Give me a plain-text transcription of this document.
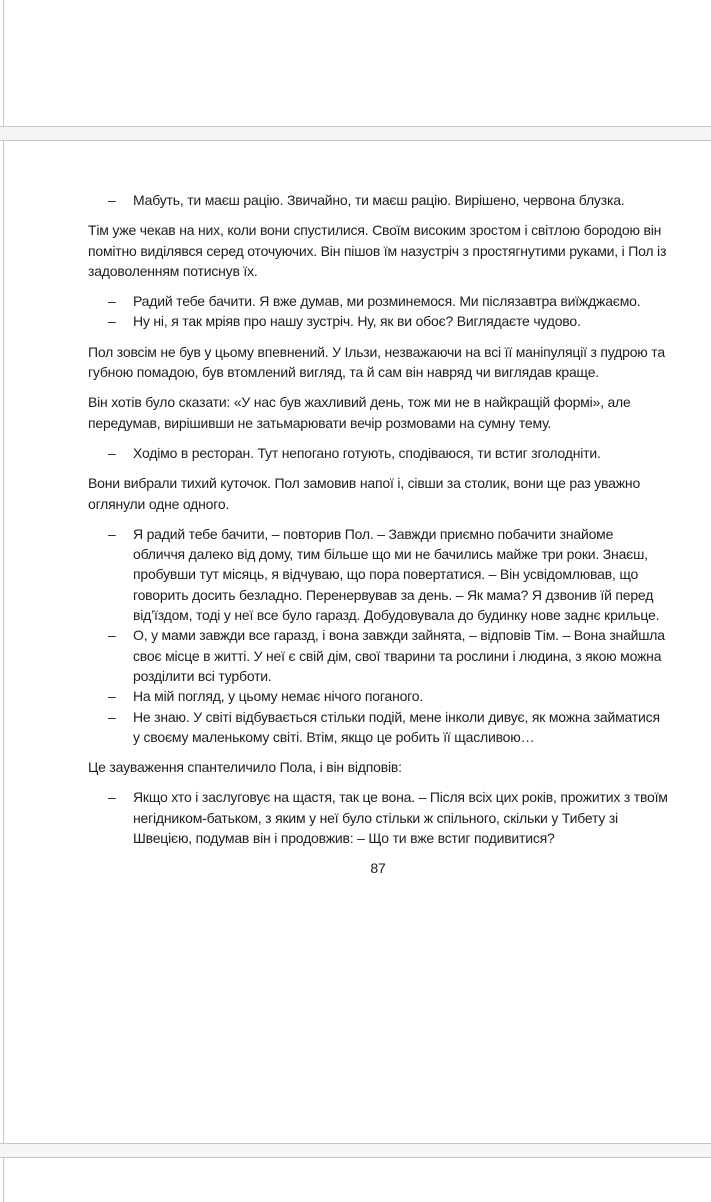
– Мабуть, ти маєш рацію. Звичайно, ти маєш рацію. Вирішено, червона блузка.

Тім уже чекав на них, коли вони спустилися. Своїм високим зростом і світлою бородою він помітно виділявся серед оточуючих. Він пішов їм назустріч з простягнутими руками, і Пол із задоволенням потиснув їх.

– Радий тебе бачити. Я вже думав, ми розминемося. Ми післязавтра виїжджаємо.
– Ну ні, я так мріяв про нашу зустріч. Ну, як ви обоє? Виглядаєте чудово.

Пол зовсім не був у цьому впевнений. У Ільзи, незважаючи на всі її маніпуляції з пудрою та губною помадою, був втомлений вигляд, та й сам він навряд чи виглядав краще.

Він хотів було сказати: «У нас був жахливий день, тож ми не в найкращій формі», але передумав, вирішивши не затьмарювати вечір розмовами на сумну тему.

– Ходімо в ресторан. Тут непогано готують, сподіваюся, ти встиг зголодніти.

Вони вибрали тихий куточок. Пол замовив напої і, сівши за столик, вони ще раз уважно оглянули одне одного.

– Я радий тебе бачити, – повторив Пол. – Завжди приємно побачити знайоме обличчя далеко від дому, тим більше що ми не бачились майже три роки. Знаєш, пробувши тут місяць, я відчуваю, що пора повертатися. – Він усвідомлював, що говорить досить безладно. Перенервував за день. – Як мама? Я дзвонив їй перед від’їздом, тоді у неї все було гаразд. Добудовувала до будинку нове заднє крильце.
– О, у мами завжди все гаразд, і вона завжди зайнята, – відповів Тім. – Вона знайшла своє місце в житті. У неї є свій дім, свої тварини та рослини і людина, з якою можна розділити всі турботи.
– На мій погляд, у цьому немає нічого поганого.
– Не знаю. У світі відбувається стільки подій, мене інколи дивує, як можна займатися у своєму маленькому світі. Втім, якщо це робить її щасливою…

Це зауваження спантеличило Пола, і він відповів:

– Якщо хто і заслуговує на щастя, так це вона. – Після всіх цих років, прожитих з твоїм негідником-батьком, з яким у неї було стільки ж спільного, скільки у Тибету зі Швецією, подумав він і продовжив: – Що ти вже встиг подивитися?
87
